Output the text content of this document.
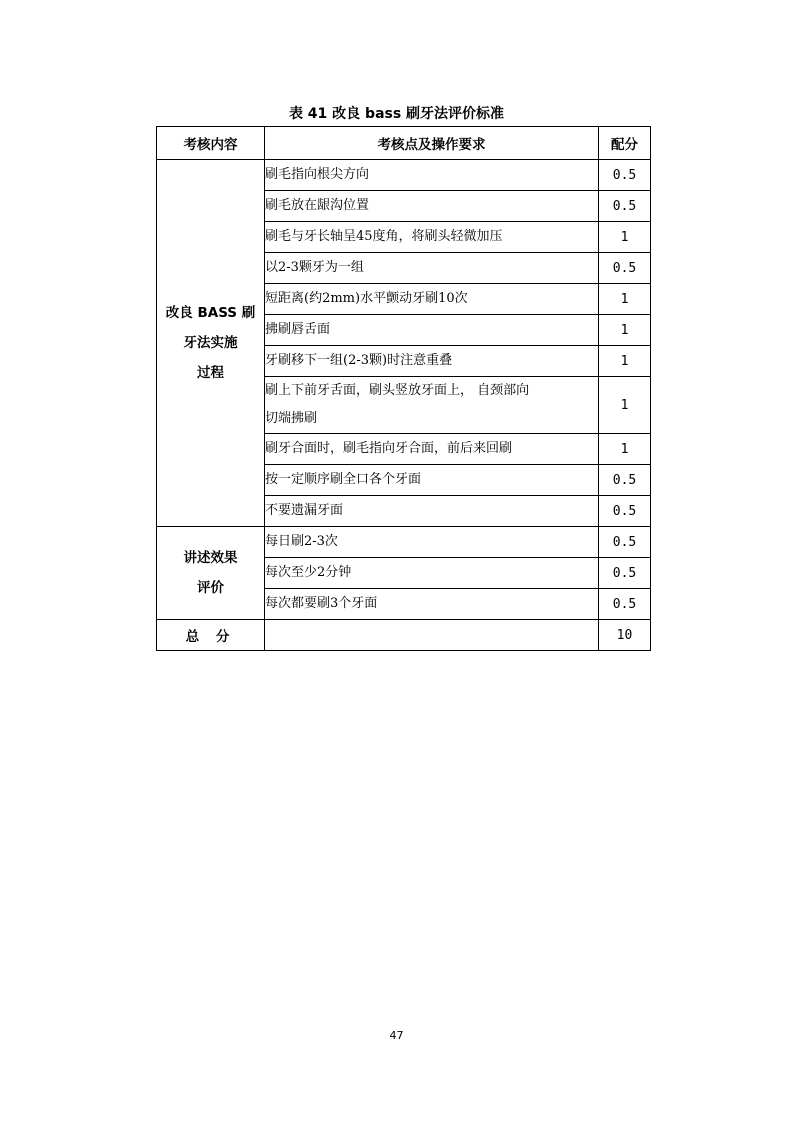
表 41 改良 bass 刷牙法评价标准
考核内容	考核点及操作要求	配分

改良 BASS 刷
牙法实施
过程	刷毛指向根尖方向	0.5
	刷毛放在龈沟位置	0.5
	刷毛与牙长轴呈45度角，将刷头轻微加压	1
	以2-3颗牙为一组	0.5
	短距离(约2mm)水平颤动牙刷10次	1
	拂刷唇舌面	1
	牙刷移下一组(2-3颗)时注意重叠	1

	刷上下前牙舌面，刷头竖放牙面上， 自颈部向
切端拂刷	1
	刷牙合面时，刷毛指向牙合面，前后来回刷	1
	按一定顺序刷全口各个牙面	0.5
	不要遗漏牙面	0.5

讲述效果
评价	每日刷2-3次	0.5
	每次至少2分钟	0.5
	每次都要刷3个牙面	0.5
总 分		10
47
